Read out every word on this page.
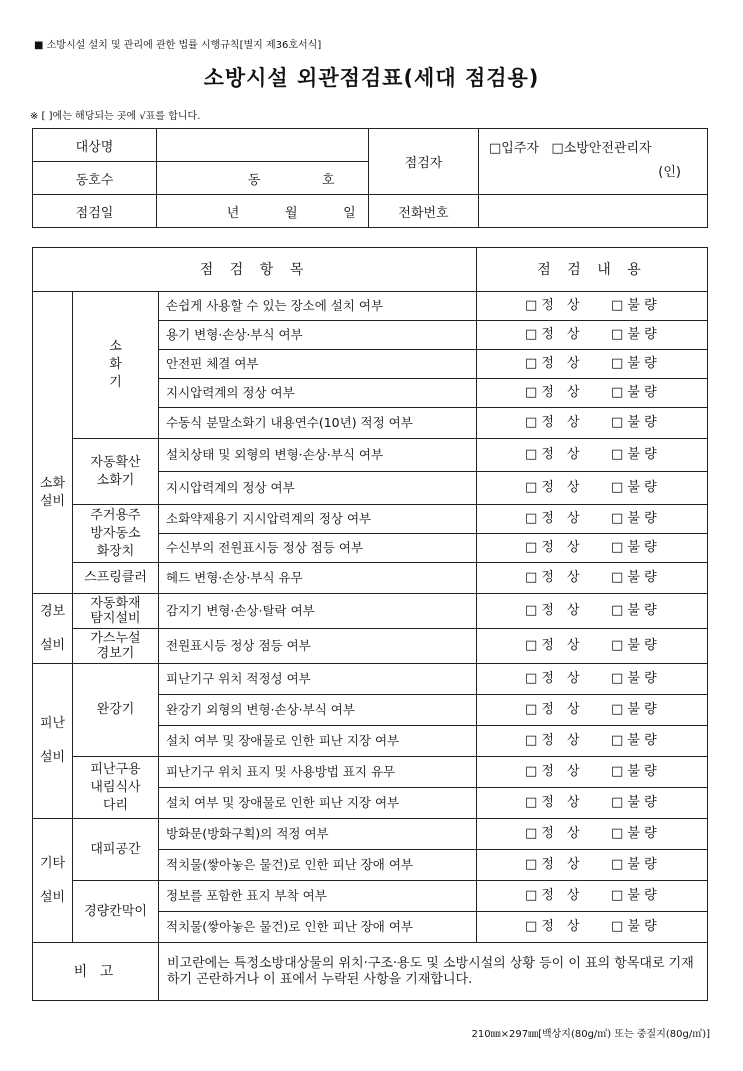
■ 소방시설 설치 및 관리에 관한 법률 시행규칙[별지 제36호서식]
소방시설 외관점검표(세대 점검용)
※ [ ]에는 해당되는 곳에 √표를 합니다.
대상명		점검자	□입주자 □소방안전관리자

(인)

동호수	동 호		
점검일	년 월 일	전화번호	
점 검 항 목			점 검 내 용

소화설비	소화기	손쉽게 사용할 수 있는 장소에 설치 여부	□ 정　상 □ 불 량
		용기 변형·손상·부식 여부	□ 정　상 □ 불 량
		안전핀 체결 여부	□ 정　상 □ 불 량
		지시압력계의 정상 여부	□ 정　상 □ 불 량
		수동식 분말소화기 내용연수(10년) 적정 여부	□ 정　상 □ 불 량

	자동확산소화기	설치상태 및 외형의 변형·손상·부식 여부	□ 정　상 □ 불 량
		지시압력계의 정상 여부	□ 정　상 □ 불 량

	주거용주방자동소화장치	소화약제용기 지시압력계의 정상 여부	□ 정　상 □ 불 량
		수신부의 전원표시등 정상 점등 여부	□ 정　상 □ 불 량
	스프링클러	헤드 변형·손상·부식 유무	□ 정　상 □ 불 량

경보설비	자동화재탐지설비	감지기 변형·손상·탈락 여부	□ 정　상 □ 불 량

	가스누설경보기	전원표시등 정상 점등 여부	□ 정　상 □ 불 량

피난설비	완강기	피난기구 위치 적정성 여부	□ 정　상 □ 불 량
		완강기 외형의 변형·손상·부식 여부	□ 정　상 □ 불 량
		설치 여부 및 장애물로 인한 피난 지장 여부	□ 정　상 □ 불 량

	피난구용내림식사다리	피난기구 위치 표지 및 사용방법 표지 유무	□ 정　상 □ 불 량
		설치 여부 및 장애물로 인한 피난 지장 여부	□ 정　상 □ 불 량

기타설비	대피공간	방화문(방화구획)의 적정 여부	□ 정　상 □ 불 량
		적치물(쌓아놓은 물건)로 인한 피난 장애 여부	□ 정　상 □ 불 량
	경량칸막이	정보를 포함한 표지 부착 여부	□ 정　상 □ 불 량
		적치물(쌓아놓은 물건)로 인한 피난 장애 여부	□ 정　상 □ 불 량
비 고		비고란에는 특정소방대상물의 위치·구조·용도 및 소방시설의 상황 등이 이 표의 항목대로 기재하기 곤란하거나 이 표에서 누락된 사항을 기재합니다.	
210㎜×297㎜[백상지(80g/㎡) 또는 중질지(80g/㎡)]
